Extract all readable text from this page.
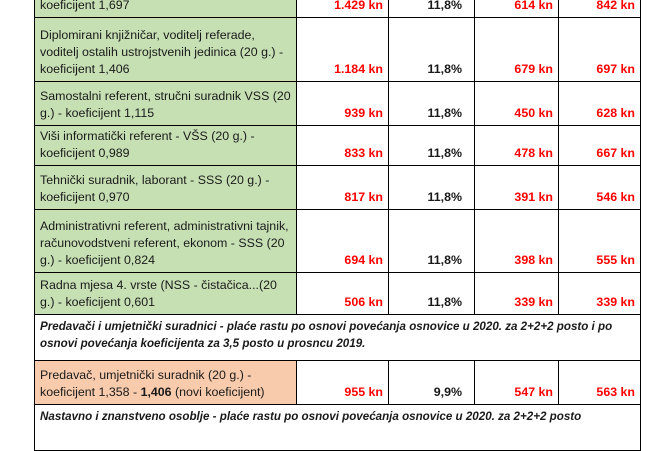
koeficijent 1,697	1.429 kn	11,8%	614 kn	842 kn
Diplomirani knjižničar, voditelj referade, voditelj ostalih ustrojstvenih jedinica (20 g.) - koeficijent 1,406	1.184 kn	11,8%	679 kn	697 kn
Samostalni referent, stručni suradnik VSS (20 g.) - koeficijent 1,115	939 kn	11,8%	450 kn	628 kn
Viši informatički referent - VŠS (20 g.) - koeficijent 0,989	833 kn	11,8%	478 kn	667 kn
Tehnički suradnik, laborant - SSS (20 g.) - koeficijent 0,970	817 kn	11,8%	391 kn	546 kn
Administrativni referent, administrativni tajnik, računovodstveni referent, ekonom - SSS (20 g.) - koeficijent 0,824	694 kn	11,8%	398 kn	555 kn
Radna mjesa 4. vrste (NSS - čistačica...(20 g.) - koeficijent 0,601	506 kn	11,8%	339 kn	339 kn
Predavači i umjetnički suradnici - plaće rastu po osnovi povećanja osnovice u 2020. za 2+2+2 posto i po osnovi povećanja koeficijenta za 3,5 posto u prosncu 2019.				
Predavač, umjetnički suradnik (20 g.) - koeficijent 1,358 - 1,406 (novi koeficijent)	955 kn	9,9%	547 kn	563 kn
Nastavno i znanstveno osoblje - plaće rastu po osnovi povećanja osnovice u 2020. za 2+2+2 posto				
